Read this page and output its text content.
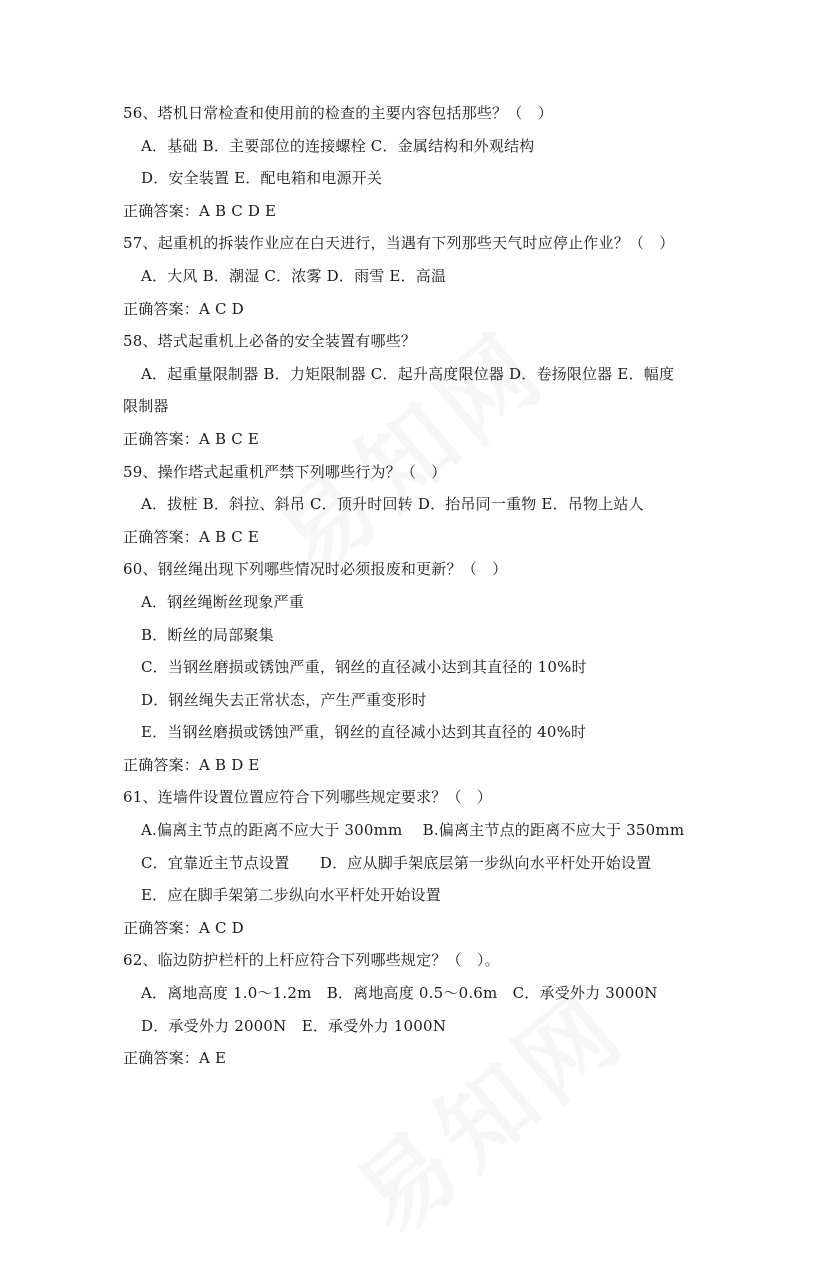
56、塔机日常检查和使用前的检查的主要内容包括那些？（　）
A．基础 B．主要部位的连接螺栓 C．金属结构和外观结构
D．安全装置 E．配电箱和电源开关
正确答案：A B C D E
57、起重机的拆装作业应在白天进行，当遇有下列那些天气时应停止作业？（　）
A．大风 B．潮湿 C．浓雾 D．雨雪 E．高温
正确答案：A C D
58、塔式起重机上必备的安全装置有哪些？
A．起重量限制器 B．力矩限制器 C．起升高度限位器 D．卷扬限位器 E．幅度
限制器
正确答案：A B C E
59、操作塔式起重机严禁下列哪些行为？（　）
A．拔桩 B．斜拉、斜吊 C．顶升时回转 D．抬吊同一重物 E．吊物上站人
正确答案：A B C E
60、钢丝绳出现下列哪些情况时必须报废和更新？（　）
A．钢丝绳断丝现象严重
B．断丝的局部聚集
C．当钢丝磨损或锈蚀严重，钢丝的直径减小达到其直径的 10%时
D．钢丝绳失去正常状态，产生严重变形时
E．当钢丝磨损或锈蚀严重，钢丝的直径减小达到其直径的 40%时
正确答案：A B D E
61、连墙件设置位置应符合下列哪些规定要求？（　）
A.偏离主节点的距离不应大于 300mm　 B.偏离主节点的距离不应大于 350mm
C．宜靠近主节点设置　　D．应从脚手架底层第一步纵向水平杆处开始设置
E．应在脚手架第二步纵向水平杆处开始设置
正确答案：A C D
62、临边防护栏杆的上杆应符合下列哪些规定？（　）。
A．离地高度 1.0～1.2m　B．离地高度 0.5～0.6m　C．承受外力 3000N
D．承受外力 2000N　E．承受外力 1000N
正确答案：A E
